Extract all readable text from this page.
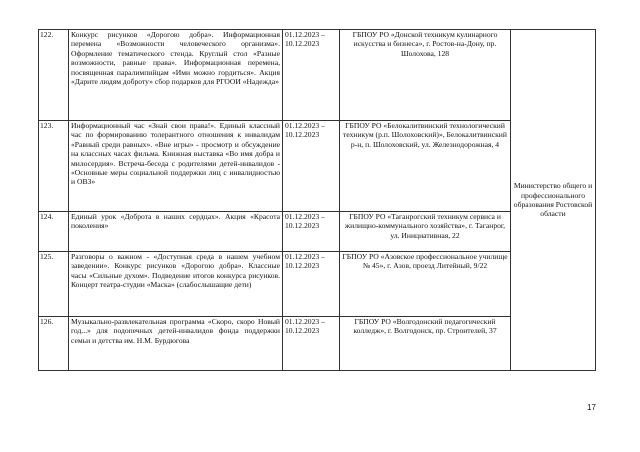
122.	Конкурс рисунков «Дорогою добра». Информационная перемена «Возможности человеческого организма». Оформление тематического стенда. Круглый стол «Разные возможности, равные права». Информационная перемена, посвященная паралимпийцам «Ими можно гордиться». Акция «Дарите людям доброту» сбор подарков для РГООИ «Надежда»	01.12.2023 –
10.12.2023	ГБПОУ РО «Донской техникум кулинарного искусства и бизнеса», г. Ростов-на-Дону, пр. Шолохова, 128	Министерство общего и профессионального образования Ростовской области
123.	Информационный час «Знай свои права!». Единый классный час по формированию толерантного отношения к инвалидам «Равный среди равных». «Вне игры» - просмотр и обсуждение на классных часах фильма. Книжная выставка «Во имя добра и милосердия». Встреча-беседа с родителями детей-инвалидов - «Основные меры социальной поддержки лиц с инвалидностью и ОВЗ»	01.12.2023 –
10.12.2023	ГБПОУ РО «Белокалитвинский технологический техникум (р.п. Шолоховский)», Белокалитвинский р-н, п. Шолоховский, ул. Железнодорожная, 4	
124.	Единый урок «Доброта в наших сердцах». Акция «Красота поколения»	01.12.2023 –
10.12.2023	ГБПОУ РО «Таганрогский техникум сервиса и жилищно-коммунального хозяйства», г. Таганрог, ул. Инициативная, 22	
125.	Разговоры о важном - «Доступная среда в нашем учебном заведении». Конкурс рисунков «Дорогою добра». Классные часы «Сильные духом». Подведение итогов конкурса рисунков. Концерт театра-студии «Маска» (слабослышащие дети)	01.12.2023 –
10.12.2023	ГБПОУ РО «Азовское профессиональное училище № 45», г. Азов, проезд Литейный, 9/22	
126.	Музыкально-развлекательная программа «Скоро, скоро Новый год...» для подопечных детей-инвалидов фонда поддержки семьи и детства им. Н.М. Бурдюгова	01.12.2023 –
10.12.2023	ГБПОУ РО «Волгодонский педагогический колледж», г. Волгодонск, пр. Строителей, 37	
17
